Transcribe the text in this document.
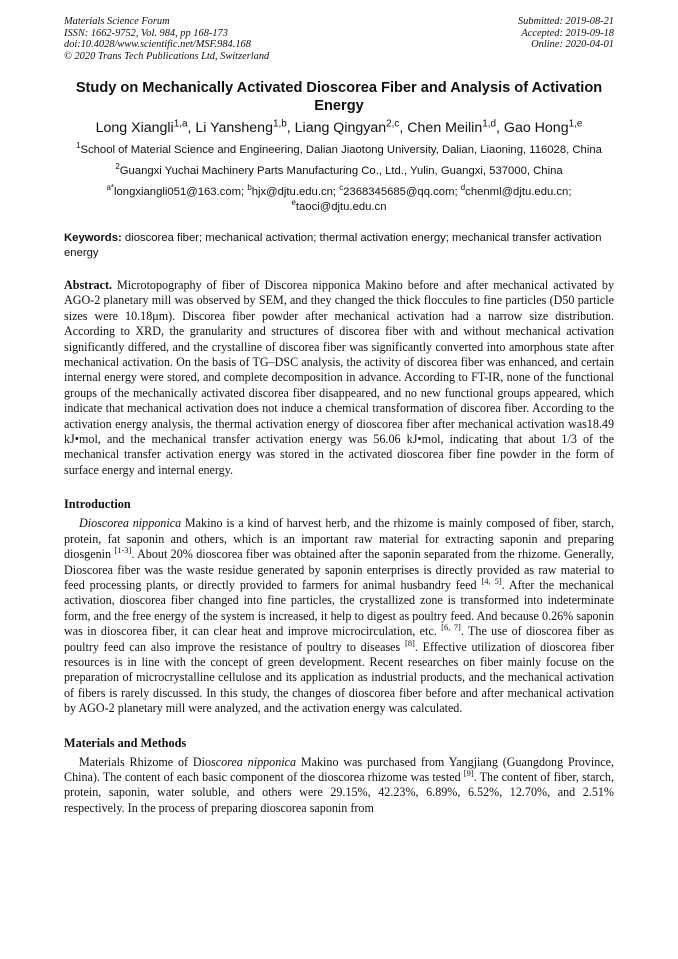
Materials Science Forum
ISSN: 1662-9752, Vol. 984, pp 168-173
doi:10.4028/www.scientific.net/MSF.984.168
© 2020 Trans Tech Publications Ltd, Switzerland
Submitted: 2019-08-21
Accepted: 2019-09-18
Online: 2020-04-01
Study on Mechanically Activated Dioscorea Fiber and Analysis of Activation Energy
Long Xiangli$^{1,a}$, Li Yansheng$^{1,b}$, Liang Qingyan$^{2,c}$, Chen Meilin$^{1,d}$, Gao Hong$^{1,e}$
$^1$School of Material Science and Engineering, Dalian Jiaotong University, Dalian, Liaoning, 116028, China
$^2$Guangxi Yuchai Machinery Parts Manufacturing Co., Ltd., Yulin, Guangxi, 537000, China
$^{a*}$longxiangli051@163.com; $^b$hjx@djtu.edu.cn; $^c$2368345685@qq.com; $^d$chenml@djtu.edu.cn; $^e$taoci@djtu.edu.cn
Keywords: dioscorea fiber; mechanical activation; thermal activation energy; mechanical transfer activation energy
Abstract. Microtopography of fiber of Discorea nipponica Makino before and after mechanical activated by AGO-2 planetary mill was observed by SEM, and they changed the thick floccules to fine particles (D50 particle sizes were 10.18μm). Discorea fiber powder after mechanical activation had a narrow size distribution. According to XRD, the granularity and structures of discorea fiber with and without mechanical activation significantly differed, and the crystalline of discorea fiber was significantly converted into amorphous state after mechanical activation. On the basis of TG–DSC analysis, the activity of discorea fiber was enhanced, and certain internal energy were stored, and complete decomposition in advance. According to FT-IR, none of the functional groups of the mechanically activated discorea fiber disappeared, and no new functional groups appeared, which indicate that mechanical activation does not induce a chemical transformation of discorea fiber. According to the activation energy analysis, the thermal activation energy of dioscorea fiber after mechanical activation was18.49 kJ•mol, and the mechanical transfer activation energy was 56.06 kJ•mol, indicating that about 1/3 of the mechanical transfer activation energy was stored in the activated dioscorea fiber fine powder in the form of surface energy and internal energy.
Introduction
Dioscorea nipponica Makino is a kind of harvest herb, and the rhizome is mainly composed of fiber, starch, protein, fat saponin and others, which is an important raw material for extracting saponin and preparing diosgenin [1-3]. About 20% dioscorea fiber was obtained after the saponin separated from the rhizome. Generally, Dioscorea fiber was the waste residue generated by saponin enterprises is directly provided as raw material to feed processing plants, or directly provided to farmers for animal husbandry feed [4, 5]. After the mechanical activation, dioscorea fiber changed into fine particles, the crystallized zone is transformed into indeterminate form, and the free energy of the system is increased, it help to digest as poultry feed. And because 0.26% saponin was in dioscorea fiber, it can clear heat and improve microcirculation, etc. [6, 7]. The use of dioscorea fiber as poultry feed can also improve the resistance of poultry to diseases [8]. Effective utilization of dioscorea fiber resources is in line with the concept of green development. Recent researches on fiber mainly focuse on the preparation of microcrystalline cellulose and its application as industrial products, and the mechanical activation of fibers is rarely discussed. In this study, the changes of dioscorea fiber before and after mechanical activation by AGO-2 planetary mill were analyzed, and the activation energy was calculated.
Materials and Methods
Materials Rhizome of Dioscorea nipponica Makino was purchased from Yangjiang (Guangdong Province, China). The content of each basic component of the dioscorea rhizome was tested [9]. The content of fiber, starch, protein, saponin, water soluble, and others were 29.15%, 42.23%, 6.89%, 6.52%, 12.70%, and 2.51% respectively. In the process of preparing dioscorea saponin from
